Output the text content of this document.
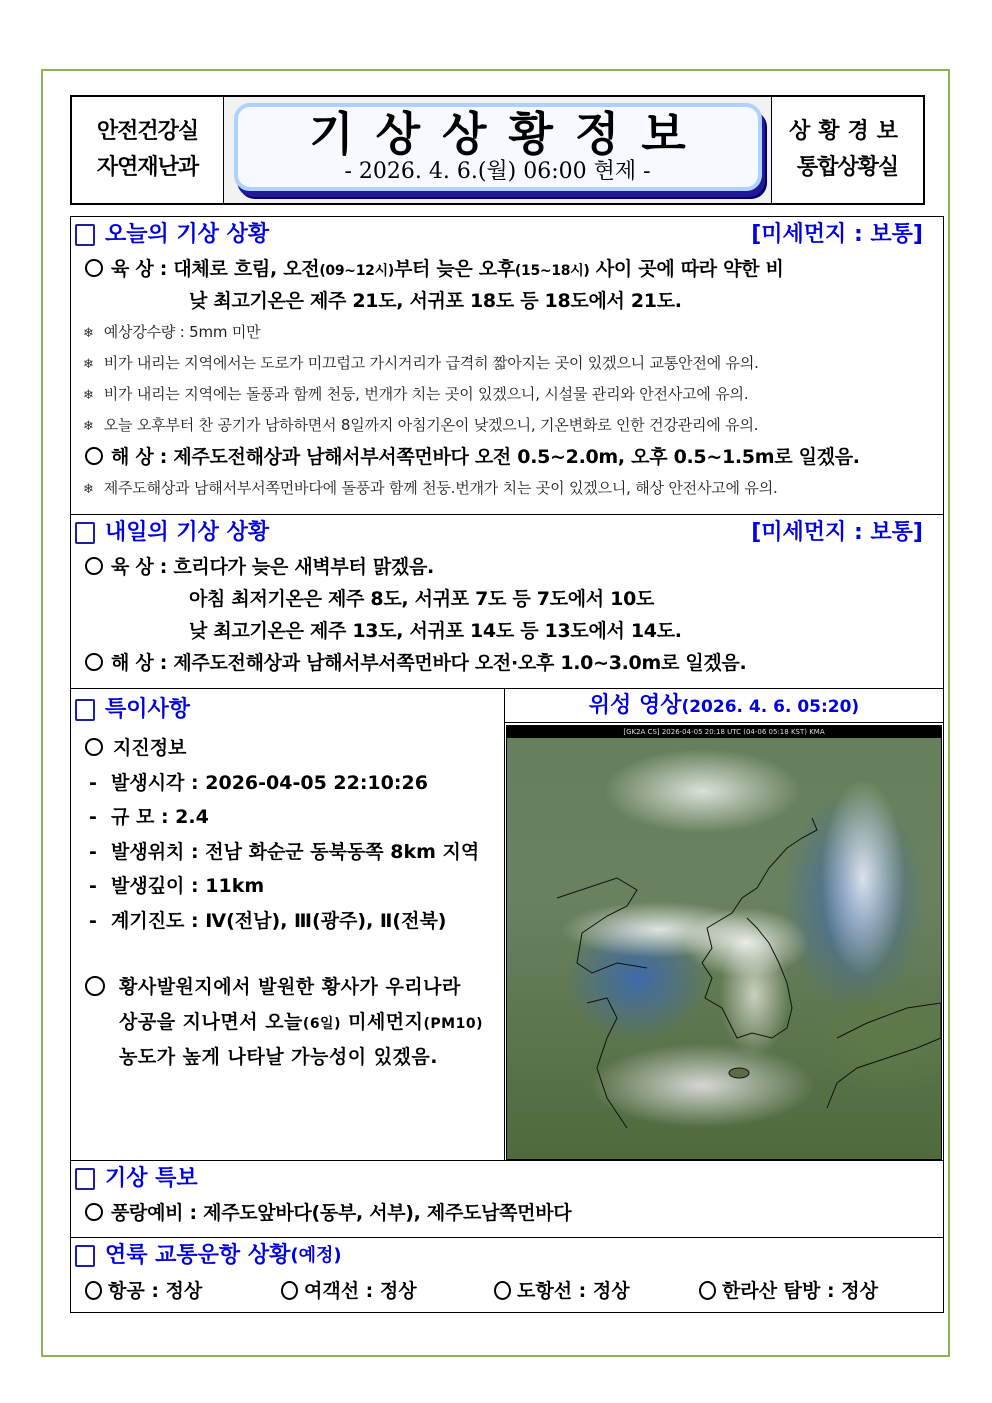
안전건강실
자연재난과
기상상황정보
- 2026. 4. 6.(월) 06:00 현제 -
상황경보
통합상황실
오늘의 기상 상황	[미세먼지 : 보통]
육 상 : 대체로 흐림, 오전(09~12시)부터 늦은 오후(15~18시) 사이 곳에 따라 약한 비
낮 최고기온은 제주 21도, 서귀포 18도 등 18도에서 21도.
❄ 예상강수량 : 5mm 미만
❄ 비가 내리는 지역에서는 도로가 미끄럽고 가시거리가 급격히 짧아지는 곳이 있겠으니 교통안전에 유의.
❄ 비가 내리는 지역에는 돌풍과 함께 천둥, 번개가 치는 곳이 있겠으니, 시설물 관리와 안전사고에 유의.
❄ 오늘 오후부터 찬 공기가 남하하면서 8일까지 아침기온이 낮겠으니, 기온변화로 인한 건강관리에 유의.
해 상 : 제주도전해상과 남해서부서쪽먼바다 오전 0.5~2.0m, 오후 0.5~1.5m로 일겠음.
❄ 제주도해상과 남해서부서쪽먼바다에 돌풍과 함께 천둥.번개가 치는 곳이 있겠으니, 해상 안전사고에 유의.
내일의 기상 상황	[미세먼지 : 보통]
육 상 : 흐리다가 늦은 새벽부터 맑겠음.
아침 최저기온은 제주 8도, 서귀포 7도 등 7도에서 10도
낮 최고기온은 제주 13도, 서귀포 14도 등 13도에서 14도.
해 상 : 제주도전해상과 남해서부서쪽먼바다 오전·오후 1.0~3.0m로 일겠음.
특이사항
지진정보
- 발생시각 : 2026-04-05 22:10:26
- 규 모 : 2.4
- 발생위치 : 전남 화순군 동북동쪽 8km 지역
- 발생깊이 : 11km
- 계기진도 : Ⅳ(전남), Ⅲ(광주), Ⅱ(전북)
황사발원지에서 발원한 황사가 우리나라
상공을 지나면서 오늘(6일) 미세먼지(PM10)
농도가 높게 나타날 가능성이 있겠음.
위성 영상(2026. 4. 6. 05:20)
[GK2A CS] 2026-04-05 20:18 UTC (04-06 05:18 KST) KMA
기상 특보
풍랑예비 : 제주도앞바다(동부, 서부), 제주도남쪽먼바다
연륙 교통운항 상황 (예정)
항공 : 정상	여객선 : 정상	도항선 : 정상	한라산 탐방 : 정상
